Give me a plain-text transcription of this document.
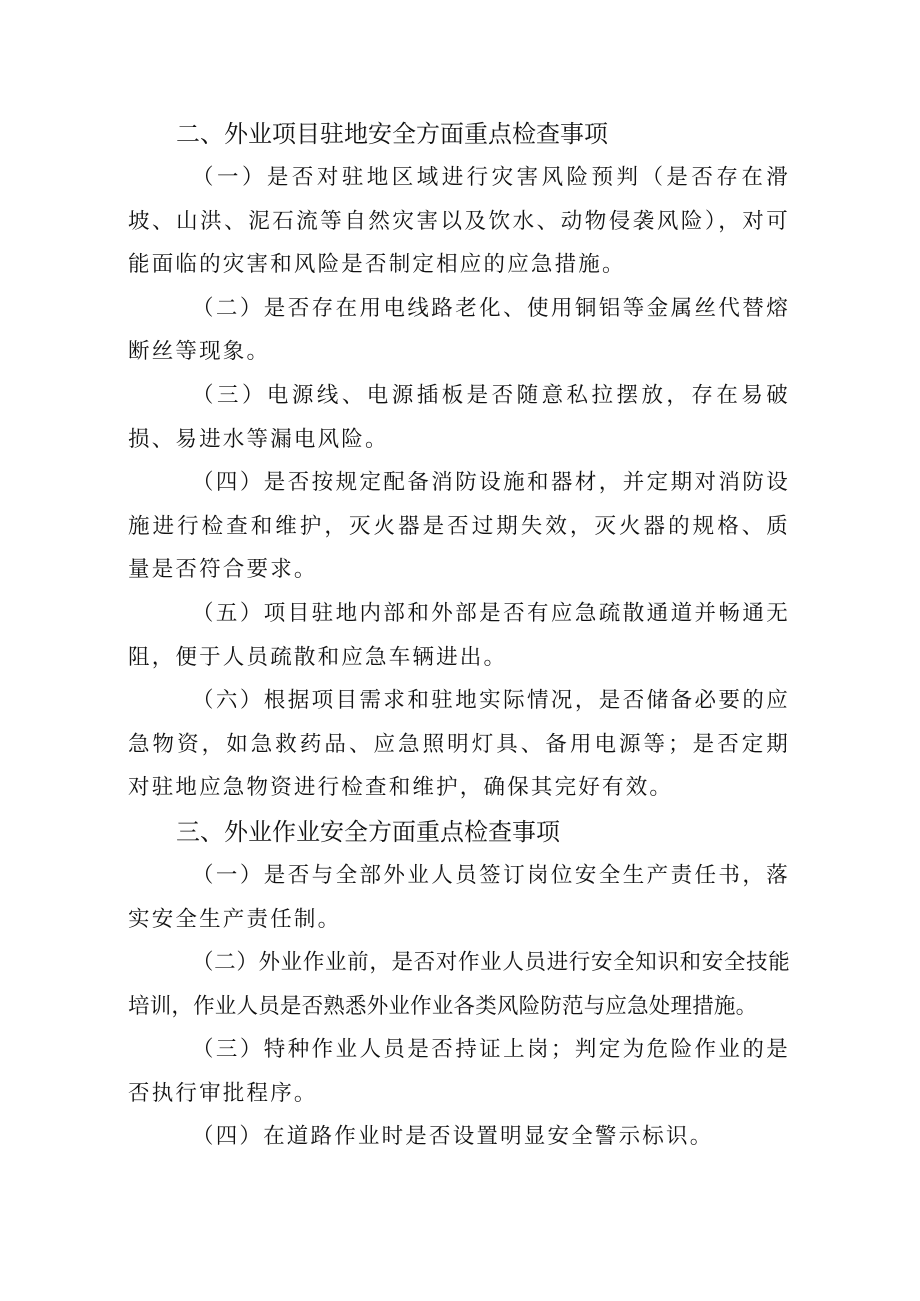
二、外业项目驻地安全方面重点检查事项

（一）是否对驻地区域进行灾害风险预判（是否存在滑坡、山洪、泥石流等自然灾害以及饮水、动物侵袭风险），对可能面临的灾害和风险是否制定相应的应急措施。

（二）是否存在用电线路老化、使用铜铝等金属丝代替熔断丝等现象。

（三）电源线、电源插板是否随意私拉摆放，存在易破损、易进水等漏电风险。

（四）是否按规定配备消防设施和器材，并定期对消防设施进行检查和维护，灭火器是否过期失效，灭火器的规格、质量是否符合要求。

（五）项目驻地内部和外部是否有应急疏散通道并畅通无阻，便于人员疏散和应急车辆进出。

（六）根据项目需求和驻地实际情况，是否储备必要的应急物资，如急救药品、应急照明灯具、备用电源等；是否定期对驻地应急物资进行检查和维护，确保其完好有效。

三、外业作业安全方面重点检查事项

（一）是否与全部外业人员签订岗位安全生产责任书，落实安全生产责任制。

（二）外业作业前，是否对作业人员进行安全知识和安全技能培训，作业人员是否熟悉外业作业各类风险防范与应急处理措施。

（三）特种作业人员是否持证上岗；判定为危险作业的是否执行审批程序。

（四）在道路作业时是否设置明显安全警示标识。
